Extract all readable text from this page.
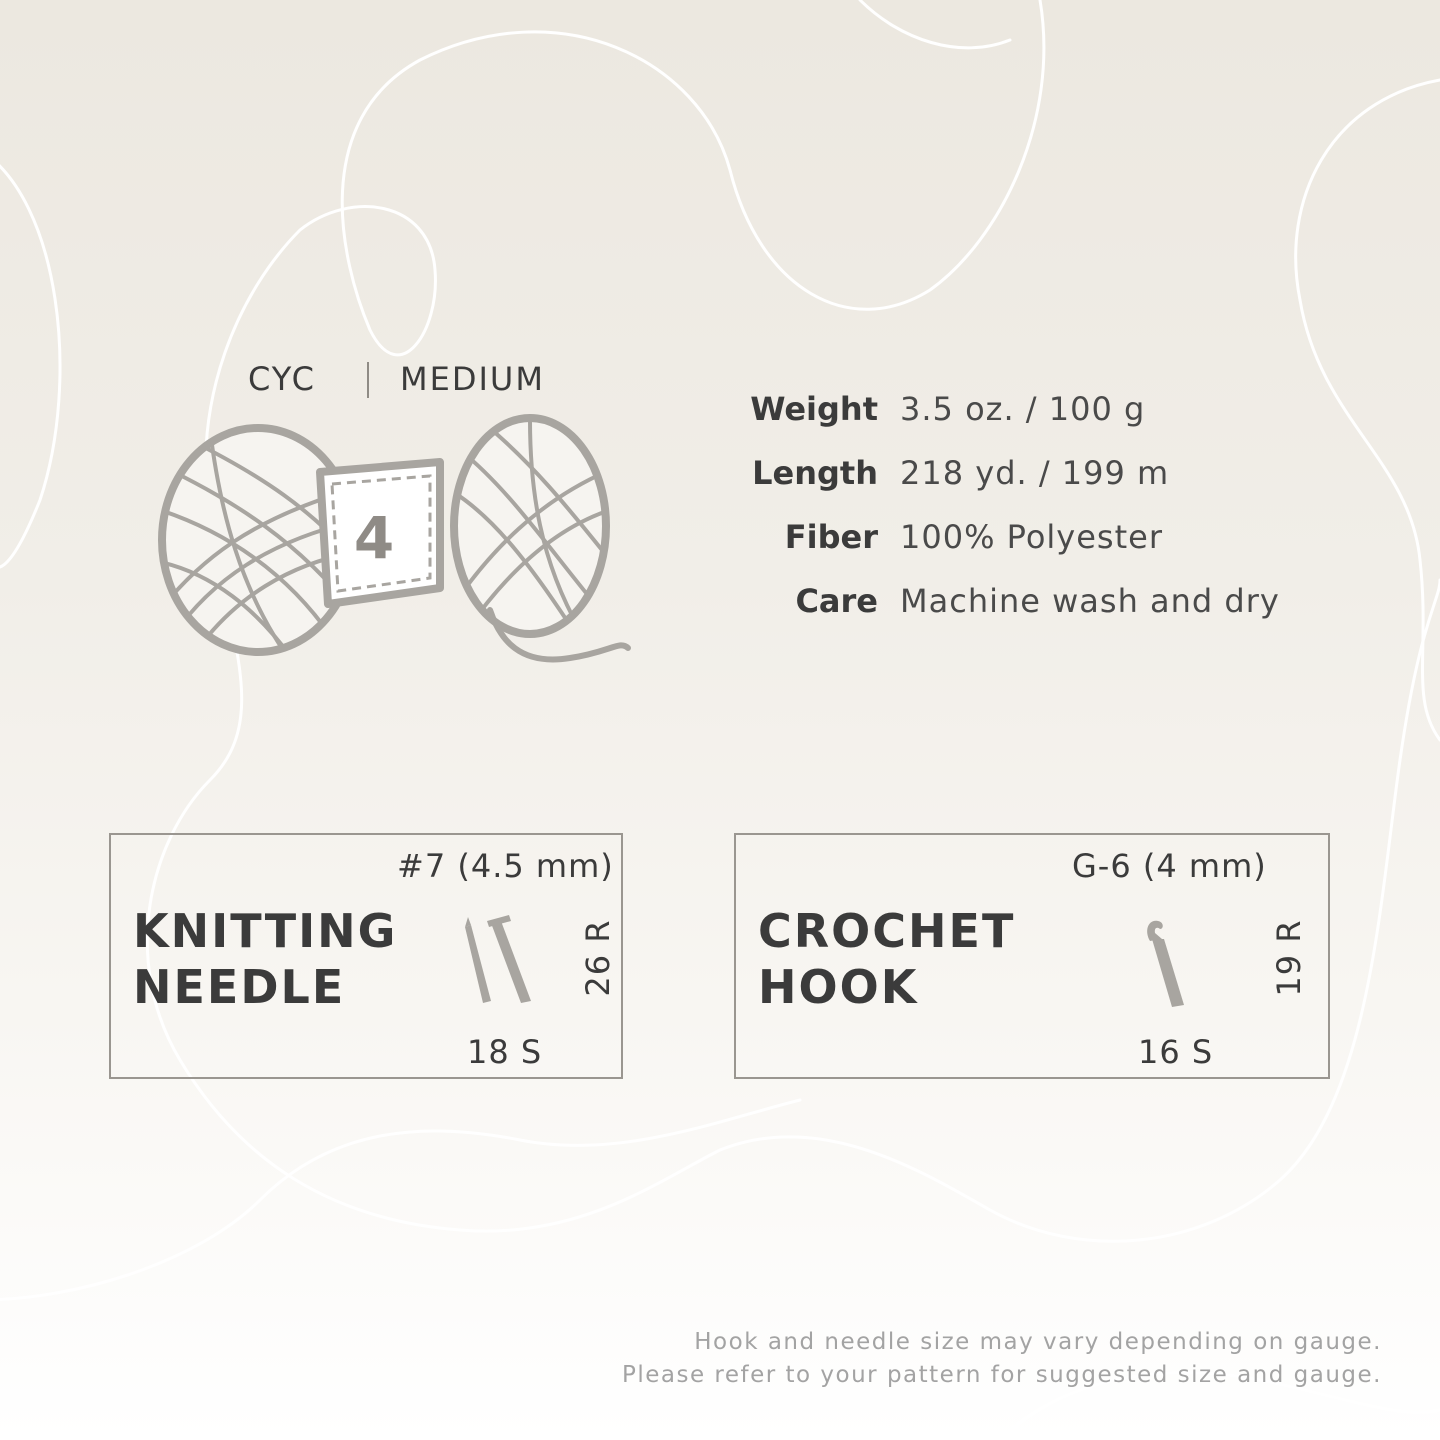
CYC	MEDIUM
4
Weight 3.5 oz. / 100 g
Length 218 yd. / 199 m
Fiber 100% Polyester
Care Machine wash and dry
#7 (4.5 mm)
KNITTING
NEEDLE
18 S
26 R
G-6 (4 mm)
CROCHET
HOOK
16 S
19 R
Hook and needle size may vary depending on gauge.
Please refer to your pattern for suggested size and gauge.
